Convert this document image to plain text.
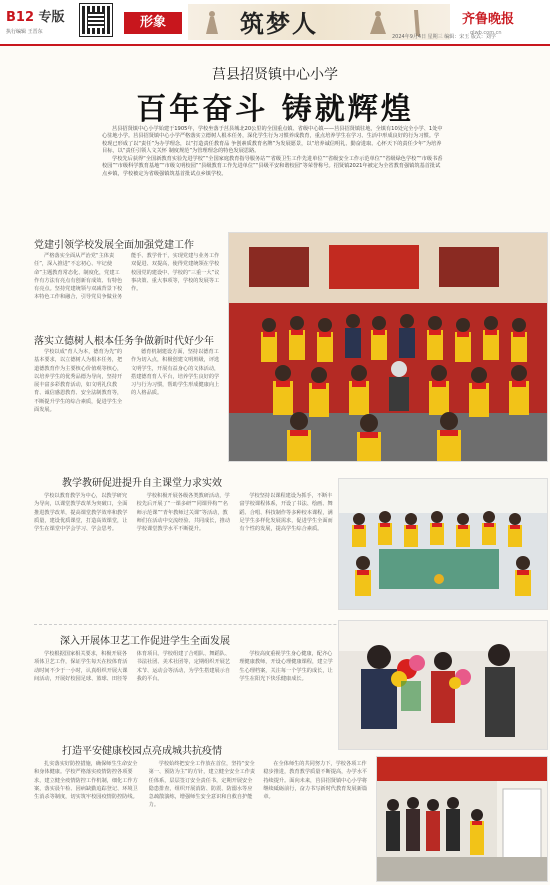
B12 专版
执行编辑 王晋东
形象	筑梦人	2024年9月4日 星期三 编辑：宋玉 版式：刘学
齐鲁晚报
qlwb.com.cn
莒县招贤镇中心小学
百年奋斗 铸就辉煌

莒县招贤镇中心小学始建于1905年，学校坐落于莒县城北20公里的全国重点镇、省级中心镇——莒县招贤镇驻地，全镇有10处完全小学、1处中心驻地小学。莒县招贤镇中心小学严格落实立德树人根本任务，深化学生行为习惯养成教育，重点培养学生在学习、生活中形成良好的行为习惯。学校现已形成了以“责任”为办学理念，以“打造责任教育品 争创素质教育名牌”为发展愿景，以“培养诚信明礼、勤奋进取、心怀天下的责任少年”为培养目标，以“责任引领人文关怀 制度规范”为管理理念的特色发展思路。

学校先后获得“全国新教育实验先进学校”“全国家庭教育指导服务站”“省级卫生工作先进单位”“省级安全工作示范单位”“省级绿色学校”“市级书香校园”“市级科学教育基地”“市级文明校园”“县级教育工作先进单位”“县级平安和谐校园”等荣誉称号。招贤镇2021年被定为全省教育强镇筑基首批试点乡镇，学校被定为省级强镇筑基首批试点乡镇学校。

党建引领学校发展全面加强党建工作

严格落实全面从严治党“主体责任”，深入推进“不忘初心、牢记使命”主题教育常态化、制度化，党建工作有方法有亮点有创新有成效、有特色有亮点。坚持党建统领与双减背景下校本特色工作和融合，引导党员争做业务能手、教学骨干，实现党建与业务工作双促进、双提高，使得党建统领在学校校园党的建设中、学校的“三重一大”议事决策、重大事项等，学校的发展等工作。

落实立德树人根本任务争做新时代好少年

学校以成“育人为本，德育为先”的基本要求，以立德树人为根本任务，把道德教育作为主要核心价值观等核心，以培养学生的优秀品德为导向，坚持开展丰富多彩教育活动，如文明礼仪教育、诚信感恩教育、安全法制教育等，不断提升学生的综合素质，促进学生全面发展。

德育机制建设方面，坚持以德育工作为切入点，积极创建文明班级，评选文明学生，开展有益身心的文体活动，搭建德育育人平台，培养学生良好的学习与行为习惯，帮助学生形成健康向上的人格品质。

教学教研促进提升自主课堂力求实效

学校以教育教学为中心，以教学研究为导向，以课堂教学改革为突破口，全面推进教学改革，提高课堂教学效率和教学质量，建设优质课堂，打造高效课堂，让学生在课堂中学会学习、学会思考。

学校积极开展各级各类教研活动，学校先后开展了“一课多研”“同课异构”“名师示范课”“青年教师过关课”等活动，教师们在活动中交流经验、共同成长，推动学校课堂教学水平不断提升。

学校坚持以课程建设为抓手，不断丰富学校课程体系，开设了书法、绘画、舞蹈、合唱、科技制作等多种校本课程，满足学生多样化发展需求，促进学生全面而有个性的发展，提高学生综合素质。

深入开展体卫艺工作促进学生全面发展

学校根据国家相关要求，积极开展各项体卫艺工作，保证学生每天在校体育活动时间不少于一小时，认真组织开展大课间活动，开展好校园足球、篮球、田径等体育项目。学校组建了合唱队、舞蹈队、书法社团、美术社团等，定期组织开展艺术节、运动会等活动，为学生搭建展示自我的平台。

学校高度重视学生身心健康，配齐心理健康教师，开设心理健康课程，建立学生心理档案，关注每一个学生的成长，让学生在阳光下快乐健康成长。

打造平安健康校园点亮成城共抗疫情

扎实落实好防控措施，确保师生生命安全和身体健康。学校严格落实疫情防控各项要求，建立健全疫情防控工作机制，细化工作方案，落实晨午检、因病缺勤追踪登记、环境卫生消杀等制度，切实筑牢校园疫情防控防线。

学校始终把安全工作放在首位，坚持“安全第一、预防为主”的方针，建立健全安全工作责任体系，层层签订安全责任书，定期开展安全隐患排查，组织开展消防、防震、防溺水等应急疏散演练，增强师生安全意识和自救自护能力。

在全体师生的共同努力下，学校各项工作稳步推进，教育教学质量不断提高，办学水平持续提升。面向未来，莒县招贤镇中心小学将继续砥砺前行，奋力书写新时代教育发展新篇章。
